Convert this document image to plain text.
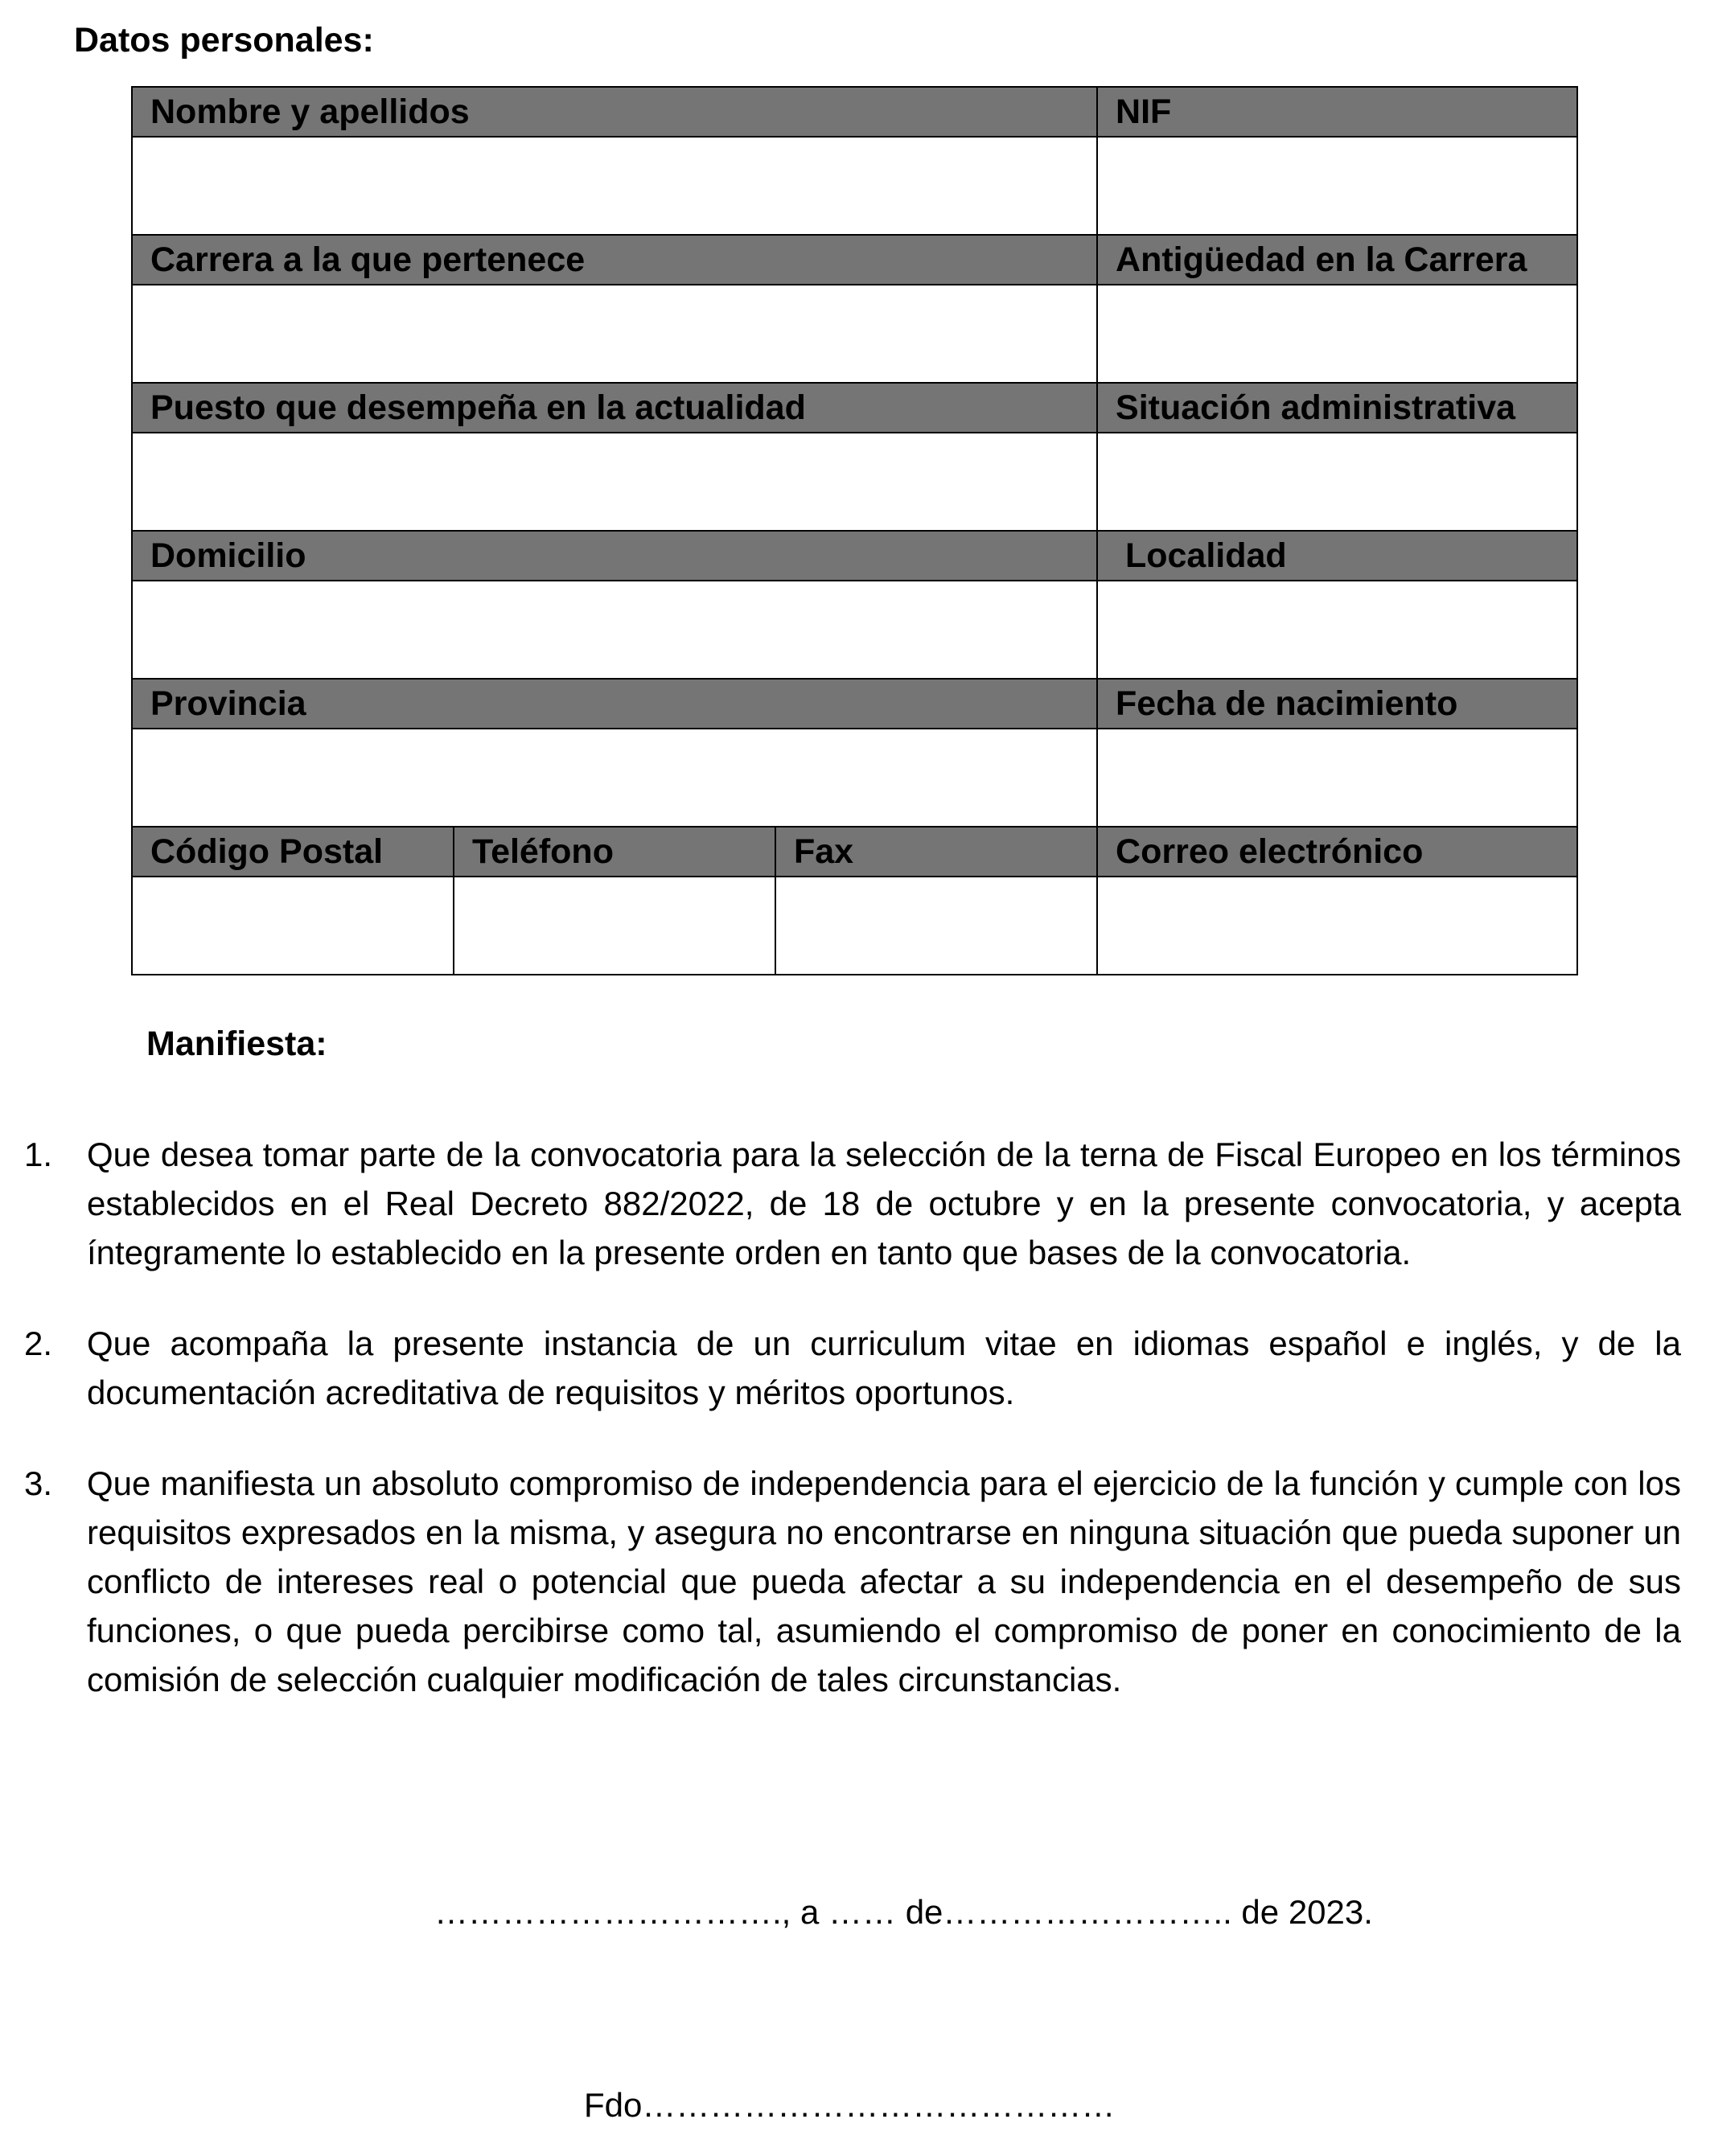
Datos personales:
Nombre y apellidos			NIF

Carrera a la que pertenece			Antigüedad en la Carrera

Puesto que desempeña en la actualidad			Situación administrativa

Domicilio			Localidad

Provincia			Fecha de nacimiento

Código Postal	Teléfono	Fax	Correo electrónico

Manifiesta:
1. Que desea tomar parte de la convocatoria para la selección de la terna de Fiscal Europeo en los términos establecidos en el Real Decreto 882/2022, de 18 de octubre y en la presente convocatoria, y acepta íntegramente lo establecido en la presente orden en tanto que bases de la convocatoria.
2. Que acompaña la presente instancia de un curriculum vitae en idiomas español e inglés, y de la documentación acreditativa de requisitos y méritos oportunos.
3. Que manifiesta un absoluto compromiso de independencia para el ejercicio de la función y cumple con los requisitos expresados en la misma, y asegura no encontrarse en ninguna situación que pueda suponer un conflicto de intereses real o potencial que pueda afectar a su independencia en el desempeño de sus funciones, o que pueda percibirse como tal, asumiendo el compromiso de poner en conocimiento de la comisión de selección cualquier modificación de tales circunstancias.
…………………………., a …… de…………………….. de 2023.
Fdo……………………………………
